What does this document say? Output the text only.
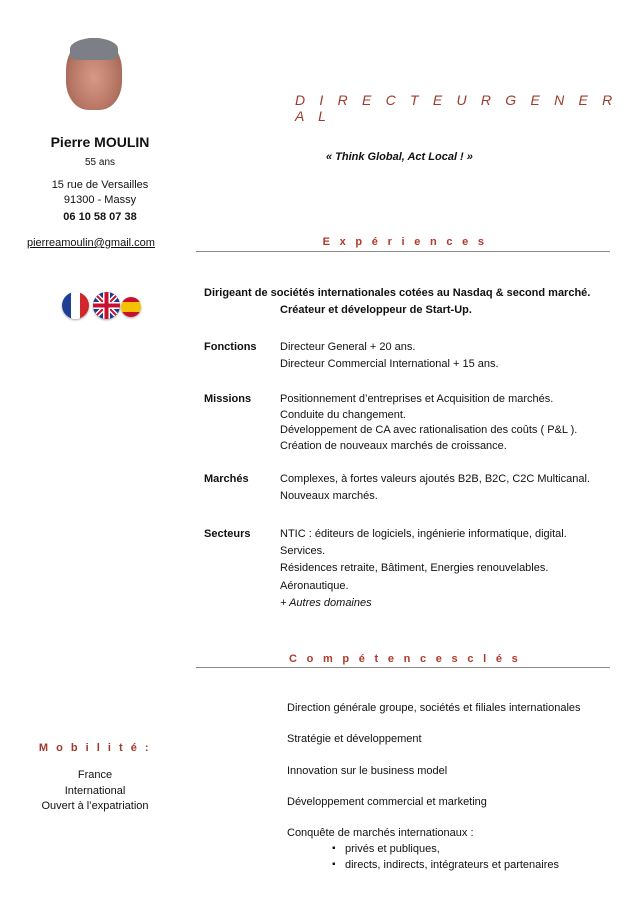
Pierre MOULIN
55 ans
15 rue de Versailles
91300 - Massy
06 10 58 07 38
pierreamoulin@gmail.com
M o b i l i t é :
France
International
Ouvert à l’expatriation
D I R E C T E U R G E N E R A L
« Think Global, Act Local ! »
E x p é r i e n c e s
Dirigeant de sociétés internationales cotées au Nasdaq & second marché.
Créateur et développeur de Start-Up.
Fonctions Directeur General + 20 ans.
Directeur Commercial International + 15 ans.
Missions	Positionnement d’entreprises et Acquisition de marchés.
Conduite du changement.
Développement de CA avec rationalisation des coûts ( P&L ).
Création de nouveaux marchés de croissance.
Marchés	Complexes, à fortes valeurs ajoutés B2B, B2C, C2C Multicanal.
Nouveaux marchés.
Secteurs	NTIC : éditeurs de logiciels, ingénierie informatique, digital.
Services.
Résidences retraite, Bâtiment, Energies renouvelables.
Aéronautique.
+ Autres domaines
C o m p é t e n c e s c l é s
Direction générale groupe, sociétés et filiales internationales
Stratégie et développement
Innovation sur le business model
Développement commercial et marketing
Conquête de marchés internationaux :
▪ privés et publiques,
▪ directs, indirects, intégrateurs et partenaires
